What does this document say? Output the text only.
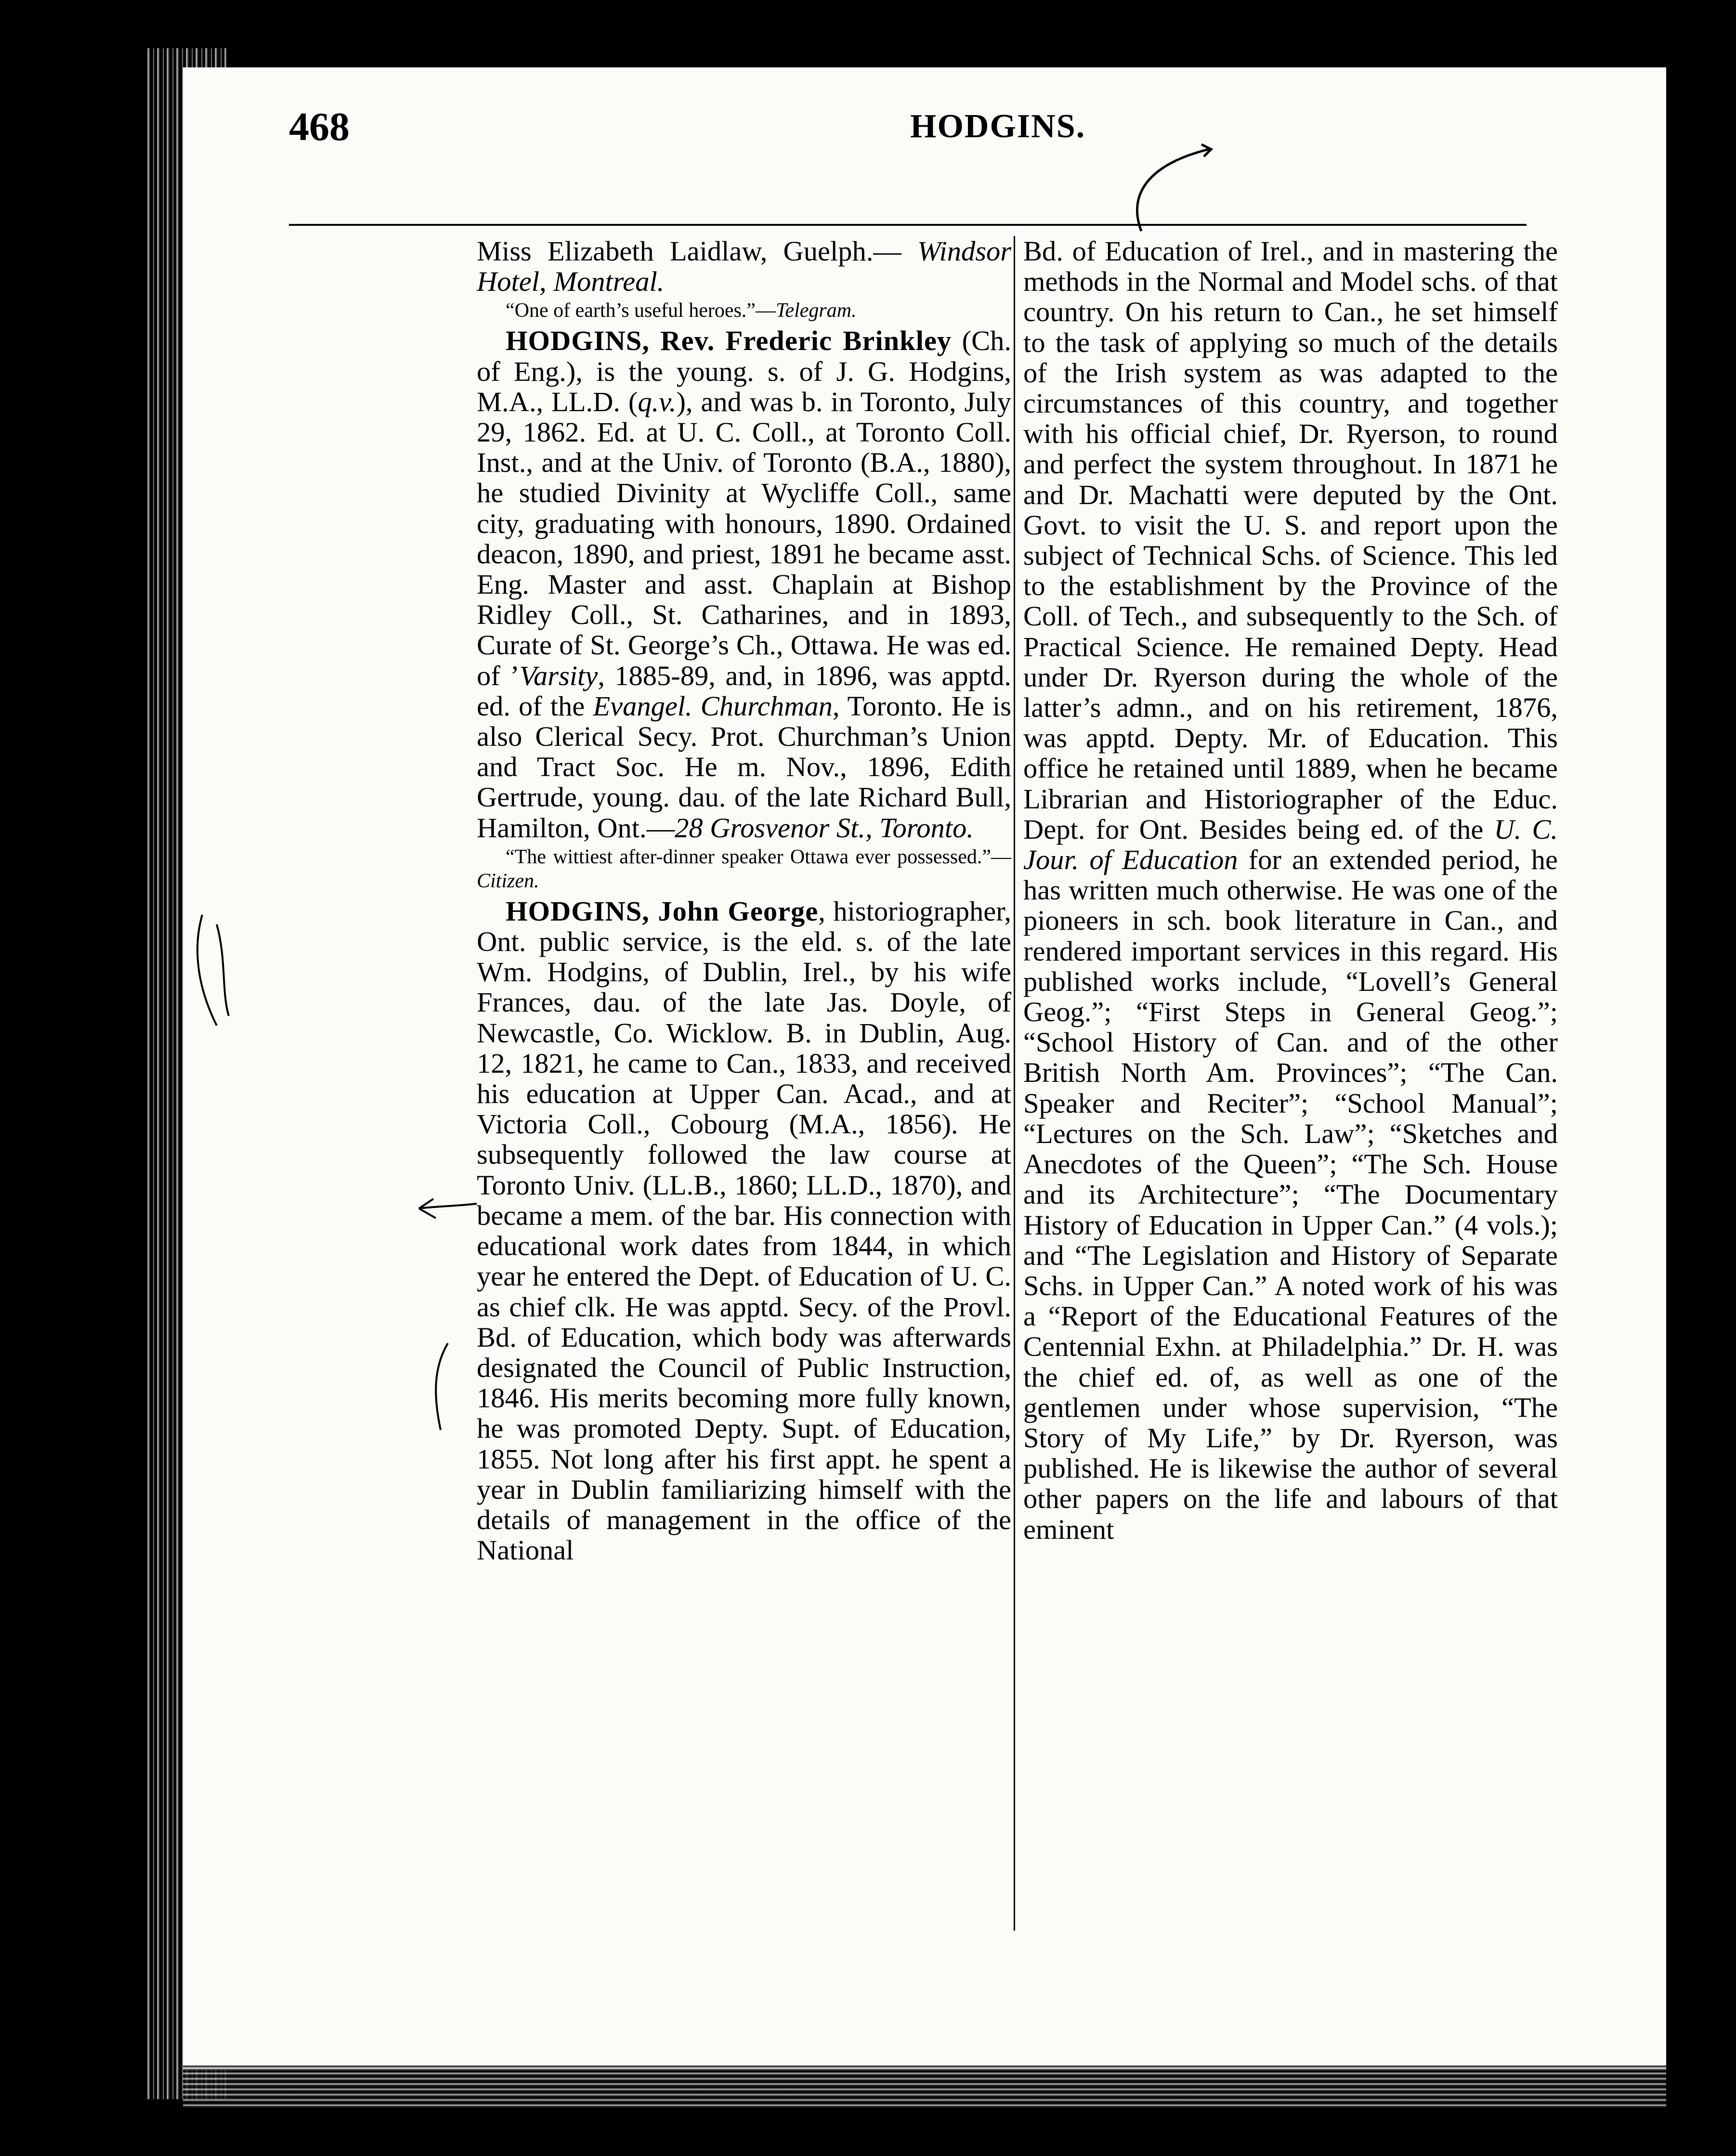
468	HODGINS.

Miss Elizabeth Laidlaw, Guelph.— Windsor Hotel, Montreal.

“One of earth’s useful heroes.”—Telegram.

HODGINS, Rev. Frederic Brinkley (Ch. of Eng.), is the young. s. of J. G. Hodgins, M.A., LL.D. (q.v.), and was b. in Toronto, July 29, 1862. Ed. at U. C. Coll., at Toronto Coll. Inst., and at the Univ. of Toronto (B.A., 1880), he studied Divinity at Wycliffe Coll., same city, graduating with honours, 1890. Ordained deacon, 1890, and priest, 1891 he became asst. Eng. Master and asst. Chaplain at Bishop Ridley Coll., St. Catharines, and in 1893, Curate of St. George’s Ch., Ottawa. He was ed. of ’Varsity, 1885-89, and, in 1896, was apptd. ed. of the Evangel. Churchman, Toronto. He is also Clerical Secy. Prot. Churchman’s Union and Tract Soc. He m. Nov., 1896, Edith Gertrude, young. dau. of the late Richard Bull, Hamilton, Ont.—28 Grosvenor St., Toronto.

“The wittiest after-dinner speaker Ottawa ever possessed.”—Citizen.

HODGINS, John George, historiographer, Ont. public service, is the eld. s. of the late Wm. Hodgins, of Dublin, Irel., by his wife Frances, dau. of the late Jas. Doyle, of Newcastle, Co. Wicklow. B. in Dublin, Aug. 12, 1821, he came to Can., 1833, and received his education at Upper Can. Acad., and at Victoria Coll., Cobourg (M.A., 1856). He subsequently followed the law course at Toronto Univ. (LL.B., 1860; LL.D., 1870), and became a mem. of the bar. His connection with educational work dates from 1844, in which year he entered the Dept. of Education of U. C. as chief clk. He was apptd. Secy. of the Provl. Bd. of Education, which body was afterwards designated the Council of Public Instruction, 1846. His merits becoming more fully known, he was promoted Depty. Supt. of Education, 1855. Not long after his first appt. he spent a year in Dublin familiarizing himself with the details of management in the office of the National

Bd. of Education of Irel., and in mastering the methods in the Normal and Model schs. of that country. On his return to Can., he set himself to the task of applying so much of the details of the Irish system as was adapted to the circumstances of this country, and together with his official chief, Dr. Ryerson, to round and perfect the system throughout. In 1871 he and Dr. Machatti were deputed by the Ont. Govt. to visit the U. S. and report upon the subject of Technical Schs. of Science. This led to the establishment by the Province of the Coll. of Tech., and subsequently to the Sch. of Practical Science. He remained Depty. Head under Dr. Ryerson during the whole of the latter’s admn., and on his retirement, 1876, was apptd. Depty. Mr. of Education. This office he retained until 1889, when he became Librarian and Historiographer of the Educ. Dept. for Ont. Besides being ed. of the U. C. Jour. of Education for an extended period, he has written much otherwise. He was one of the pioneers in sch. book literature in Can., and rendered important services in this regard. His published works include, “Lovell’s General Geog.”; “First Steps in General Geog.”; “School History of Can. and of the other British North Am. Provinces”; “The Can. Speaker and Reciter”; “School Manual”; “Lectures on the Sch. Law”; “Sketches and Anecdotes of the Queen”; “The Sch. House and its Architecture”; “The Documentary History of Education in Upper Can.” (4 vols.); and “The Legislation and History of Separate Schs. in Upper Can.” A noted work of his was a “Report of the Educational Features of the Centennial Exhn. at Philadelphia.” Dr. H. was the chief ed. of, as well as one of the gentlemen under whose supervision, “The Story of My Life,” by Dr. Ryerson, was published. He is likewise the author of several other papers on the life and labours of that eminent
